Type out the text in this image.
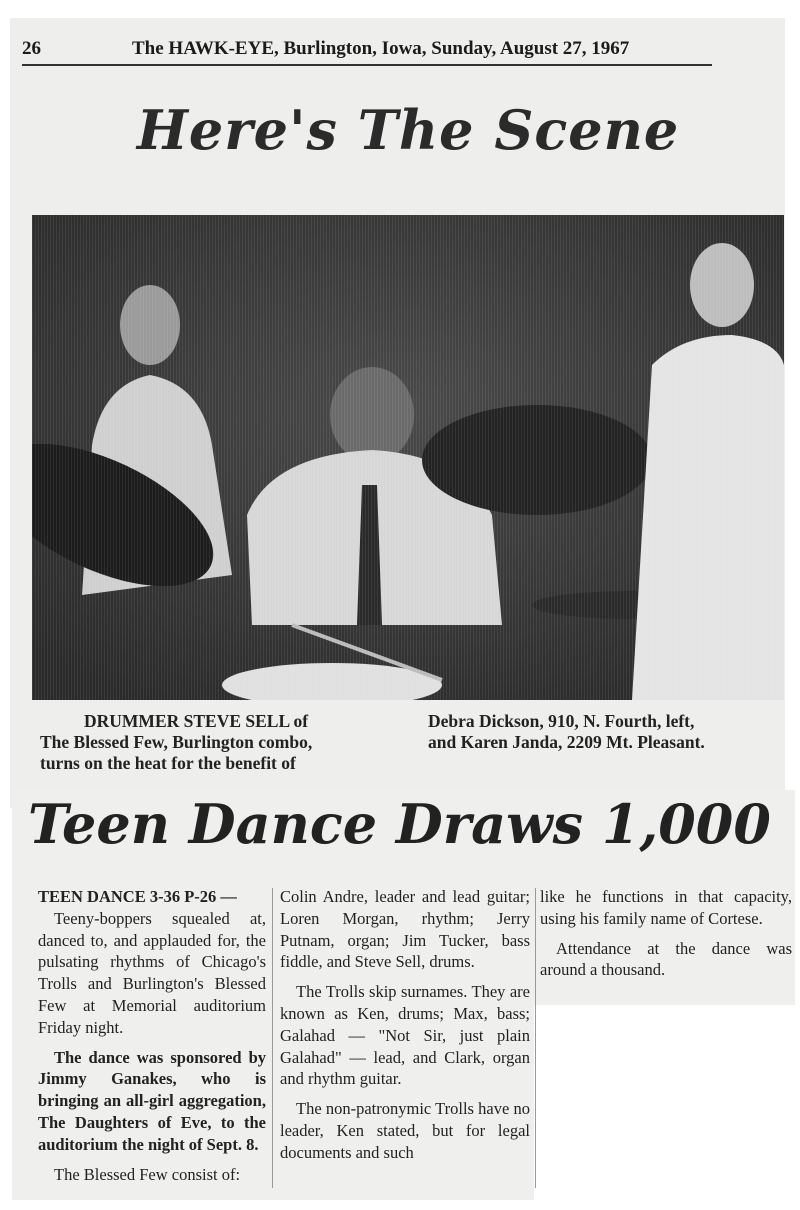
26	The HAWK-EYE, Burlington, Iowa, Sunday, August 27, 1967
Here's The Scene
DRUMMER STEVE SELL of
The Blessed Few, Burlington combo,
turns on the heat for the benefit of
Debra Dickson, 910, N. Fourth, left,
and Karen Janda, 2209 Mt. Pleasant.
Teen Dance Draws 1,000
TEEN DANCE 3-36 P-26 —

Teeny-boppers squealed at, danced to, and applauded for, the pulsating rhythms of Chicago's Trolls and Burlington's Blessed Few at Memorial auditorium Friday night.

The dance was sponsored by Jimmy Ganakes, who is bringing an all-girl aggregation, The Daughters of Eve, to the auditorium the night of Sept. 8.

The Blessed Few consist of:

Colin Andre, leader and lead guitar; Loren Morgan, rhythm; Jerry Putnam, organ; Jim Tucker, bass fiddle, and Steve Sell, drums.

The Trolls skip surnames. They are known as Ken, drums; Max, bass; Galahad — "Not Sir, just plain Galahad" — lead, and Clark, organ and rhythm guitar.

The non-patronymic Trolls have no leader, Ken stated, but for legal documents and such

like he functions in that capacity, using his family name of Cortese.

Attendance at the dance was around a thousand.
